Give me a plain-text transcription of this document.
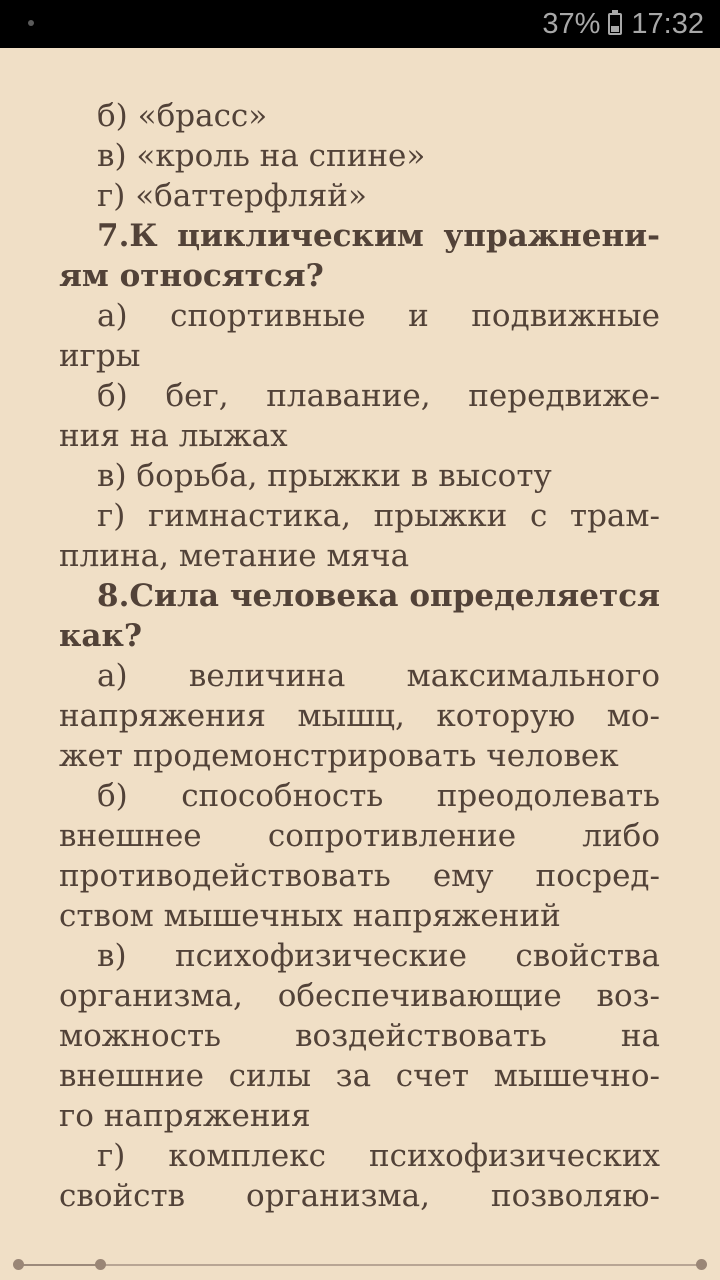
37% 17:32
б) «брасс»
в) «кроль на спине»
г) «баттерфляй»
7.К циклическим упражнени-
ям относятся?
а) спортивные и подвижные
игры
б) бег, плавание, передвиже-
ния на лыжах
в) борьба, прыжки в высоту
г) гимнастика, прыжки с трам-
плина, метание мяча
8.Сила человека определяется
как?
а) величина максимального
напряжения мышц, которую мо-
жет продемонстрировать человек
б) способность преодолевать
внешнее сопротивление либо
противодействовать ему посред-
ством мышечных напряжений
в) психофизические свойства
организма, обеспечивающие воз-
можность воздействовать на
внешние силы за счет мышечно-
го напряжения
г) комплекс психофизических
свойств организма, позволяю-
